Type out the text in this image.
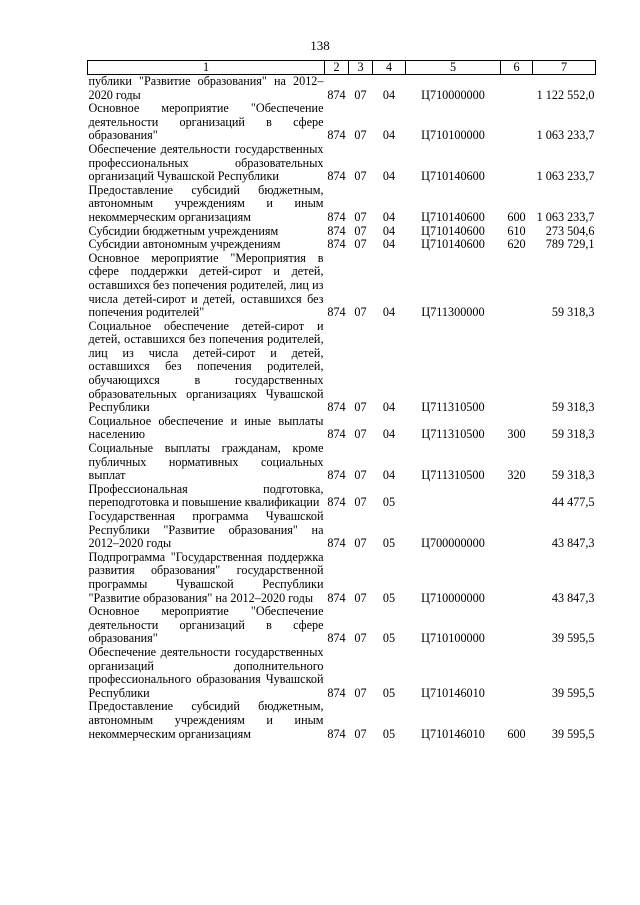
138
1	2	3	4	5	6	7
публики "Развитие образования" на 2012–2020 годы	874	07	04	Ц710000000		1 122 552,0
Основное мероприятие "Обеспечение деятельности организаций в сфере образования"	874	07	04	Ц710100000		1 063 233,7
Обеспечение деятельности государственных профессиональных образовательных организаций Чувашской Республики	874	07	04	Ц710140600		1 063 233,7
Предоставление субсидий бюджетным, автономным учреждениям и иным некоммерческим организациям	874	07	04	Ц710140600	600	1 063 233,7
Субсидии бюджетным учреждениям	874	07	04	Ц710140600	610	273 504,6
Субсидии автономным учреждениям	874	07	04	Ц710140600	620	789 729,1
Основное мероприятие "Мероприятия в сфере поддержки детей-сирот и детей, оставшихся без попечения родителей, лиц из числа детей-сирот и детей, оставшихся без попечения родителей"	874	07	04	Ц711300000		59 318,3
Социальное обеспечение детей-сирот и детей, оставшихся без попечения родителей, лиц из числа детей-сирот и детей, оставшихся без попечения родителей, обучающихся в государственных образовательных организациях Чувашской Республики	874	07	04	Ц711310500		59 318,3
Социальное обеспечение и иные выплаты населению	874	07	04	Ц711310500	300	59 318,3
Социальные выплаты гражданам, кроме публичных нормативных социальных выплат	874	07	04	Ц711310500	320	59 318,3
Профессиональная подготовка, переподготовка и повышение квалификации	874	07	05			44 477,5
Государственная программа Чувашской Республики "Развитие образования" на 2012–2020 годы	874	07	05	Ц700000000		43 847,3
Подпрограмма "Государственная поддержка развития образования" государственной программы Чувашской Республики "Развитие образования" на 2012–2020 годы	874	07	05	Ц710000000		43 847,3
Основное мероприятие "Обеспечение деятельности организаций в сфере образования"	874	07	05	Ц710100000		39 595,5
Обеспечение деятельности государственных организаций дополнительного профессионального образования Чувашской Республики	874	07	05	Ц710146010		39 595,5
Предоставление субсидий бюджетным, автономным учреждениям и иным некоммерческим организациям	874	07	05	Ц710146010	600	39 595,5
